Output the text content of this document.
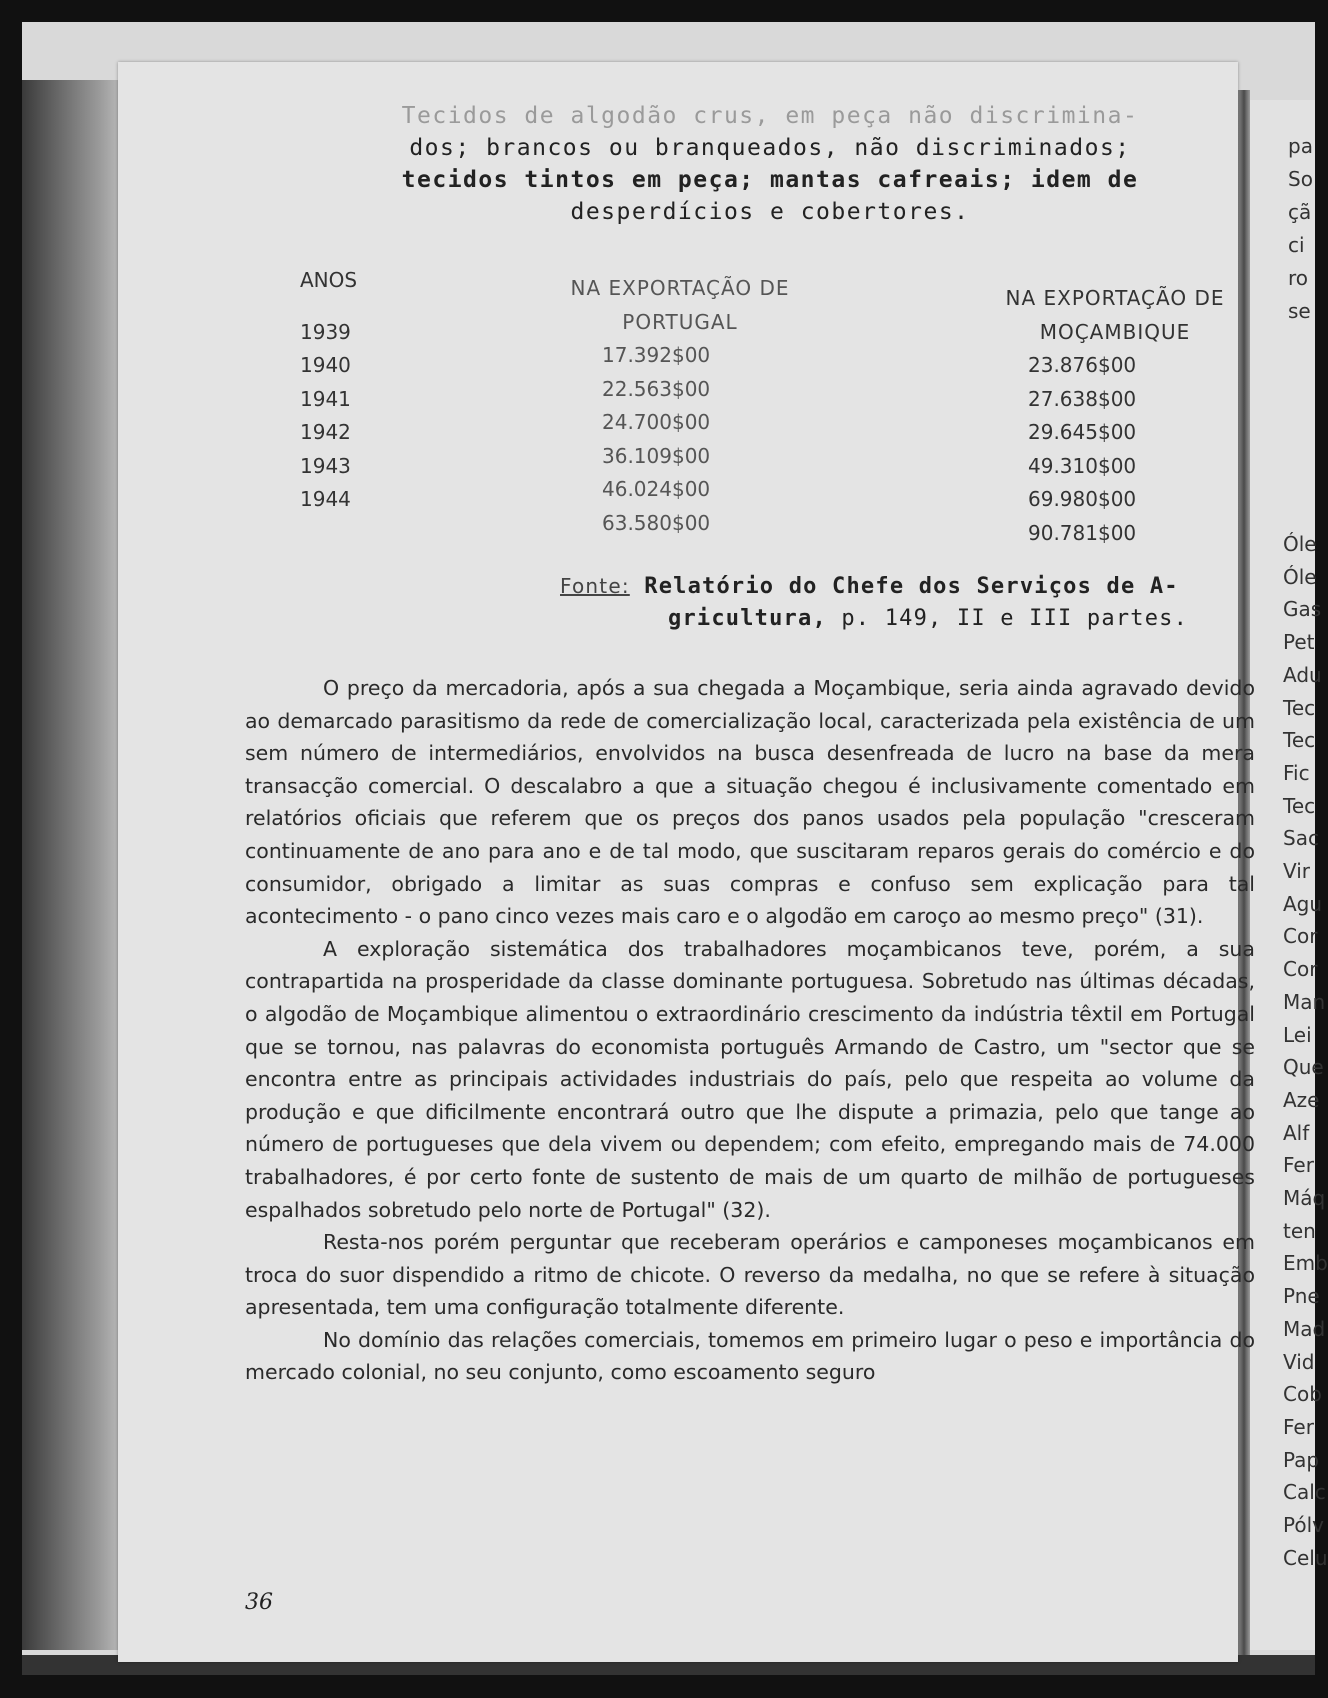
Tecidos de algodão crus, em peça não discrimina-
dos; brancos ou branqueados, não discriminados;
tecidos tintos em peça; mantas cafreais; idem de
desperdícios e cobertores.
ANOS
1939
1940
1941
1942
1943
1944
NA EXPORTAÇÃO DE
PORTUGAL
17.392$00
22.563$00
24.700$00
36.109$00
46.024$00
63.580$00
NA EXPORTAÇÃO DE
MOÇAMBIQUE
23.876$00
27.638$00
29.645$00
49.310$00
69.980$00
90.781$00
Fonte: Relatório do Chefe dos Serviços de A-
gricultura, p. 149, II e III partes.

O preço da mercadoria, após a sua chegada a Moçambique, seria ainda agravado devido ao demarcado parasitismo da rede de comercialização local, caracterizada pela existência de um sem número de intermediários, envolvidos na busca desenfreada de lucro na base da mera transacção comercial. O descalabro a que a situação chegou é inclusivamente comentado em relatórios oficiais que referem que os preços dos panos usados pela população "cresceram continuamente de ano para ano e de tal modo, que suscitaram reparos gerais do comércio e do consumidor, obrigado a limitar as suas compras e confuso sem explicação para tal acontecimento - o pano cinco vezes mais caro e o algodão em caroço ao mesmo preço" (31).

A exploração sistemática dos trabalhadores moçambicanos teve, porém, a sua contrapartida na prosperidade da classe dominante portuguesa. Sobretudo nas últimas décadas, o algodão de Moçambique alimentou o extraordinário crescimento da indústria têxtil em Portugal que se tornou, nas palavras do economista português Armando de Castro, um "sector que se encontra entre as principais actividades industriais do país, pelo que respeita ao volume da produção e que dificilmente encontrará outro que lhe dispute a primazia, pelo que tange ao número de portugueses que dela vivem ou dependem; com efeito, empregando mais de 74.000 trabalhadores, é por certo fonte de sustento de mais de um quarto de milhão de portugueses espalhados sobretudo pelo norte de Portugal" (32).

Resta-nos porém perguntar que receberam operários e camponeses moçambicanos em troca do suor dispendido a ritmo de chicote. O reverso da medalha, no que se refere à situação apresentada, tem uma configuração totalmente diferente.

No domínio das relações comerciais, tomemos em primeiro lugar o peso e importância do mercado colonial, no seu conjunto, como escoamento seguro

36
pa
So
çã
ci
ro
se
Óle
Óle
Gas
Pet
Adu
Tec
Tec
Fic
Tec
Sac
Vir
Agu
Cor
Cor
Man
Lei
Que
Aze
Alf
Fer
Máq
ten
Emb
Pne
Mad
Vid
Cob
Fer
Pap
Calc
Pólv
Celu
